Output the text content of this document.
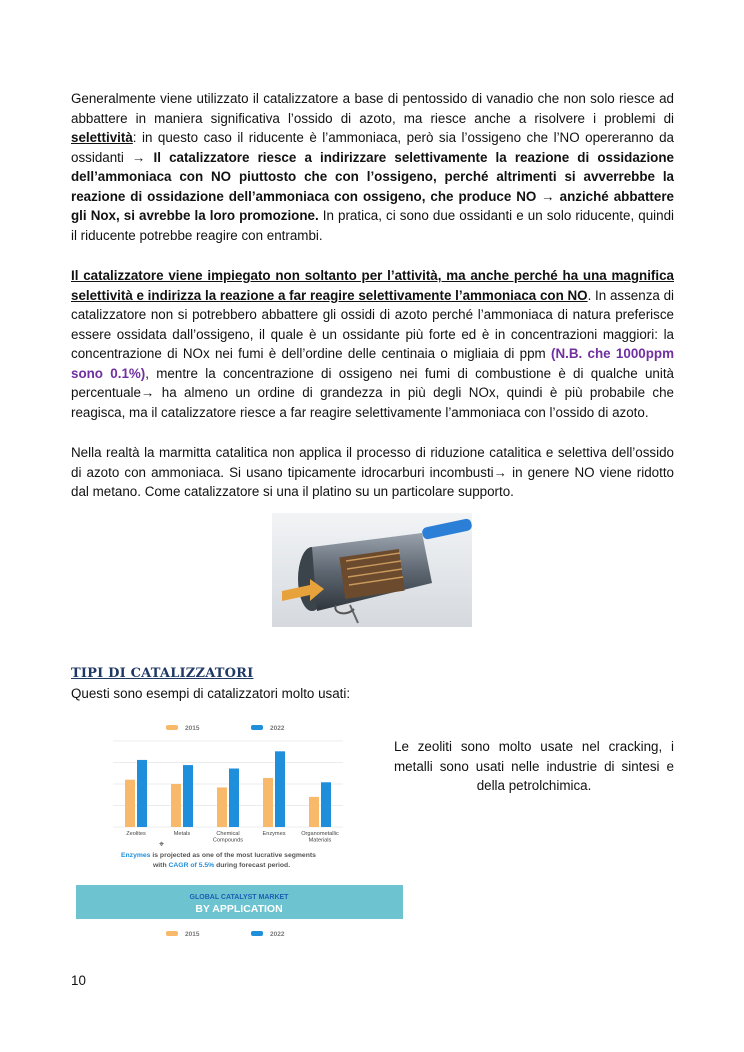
Generalmente viene utilizzato il catalizzatore a base di pentossido di vanadio che non solo riesce ad abbattere in maniera significativa l’ossido di azoto, ma riesce anche a risolvere i problemi di selettività: in questo caso il riducente è l’ammoniaca, però sia l’ossigeno che l’NO opereranno da ossidanti → Il catalizzatore riesce a indirizzare selettivamente la reazione di ossidazione dell’ammoniaca con NO piuttosto che con l’ossigeno, perché altrimenti si avverrebbe la reazione di ossidazione dell’ammoniaca con ossigeno, che produce NO → anziché abbattere gli Nox, si avrebbe la loro promozione. In pratica, ci sono due ossidanti e un solo riducente, quindi il riducente potrebbe reagire con entrambi.

Il catalizzatore viene impiegato non soltanto per l’attività, ma anche perché ha una magnifica selettività e indirizza la reazione a far reagire selettivamente l’ammoniaca con NO. In assenza di catalizzatore non si potrebbero abbattere gli ossidi di azoto perché l’ammoniaca di natura preferisce essere ossidata dall’ossigeno, il quale è un ossidante più forte ed è in concentrazioni maggiori: la concentrazione di NOx nei fumi è dell’ordine delle centinaia o migliaia di ppm (N.B. che 1000ppm sono 0.1%), mentre la concentrazione di ossigeno nei fumi di combustione è di qualche unità percentuale→ ha almeno un ordine di grandezza in più degli NOx, quindi è più probabile che reagisca, ma il catalizzatore riesce a far reagire selettivamente l’ammoniaca con l’ossido di azoto.

Nella realtà la marmitta catalitica non applica il processo di riduzione catalitica e selettiva dell’ossido di azoto con ammoniaca. Si usano tipicamente idrocarburi incombusti→ in genere NO viene ridotto dal metano. Come catalizzatore si una il platino su un particolare supporto.

TIPI DI CATALIZZATORI

Questi sono esempi di catalizzatori molto usati:

2015	2022
Zeolites	Metals	Chemical
Compounds
Enzymes	Organometallic
Materials
Enzymes is projected as one of the most lucrative segments
with CAGR of 5.5% during forecast period.
⌖
GLOBAL CATALYST MARKET
BY APPLICATION
2015	2022

Le zeoliti sono molto usate nel cracking, i metalli sono usati nelle industrie di sintesi e della petrolchimica.

10
